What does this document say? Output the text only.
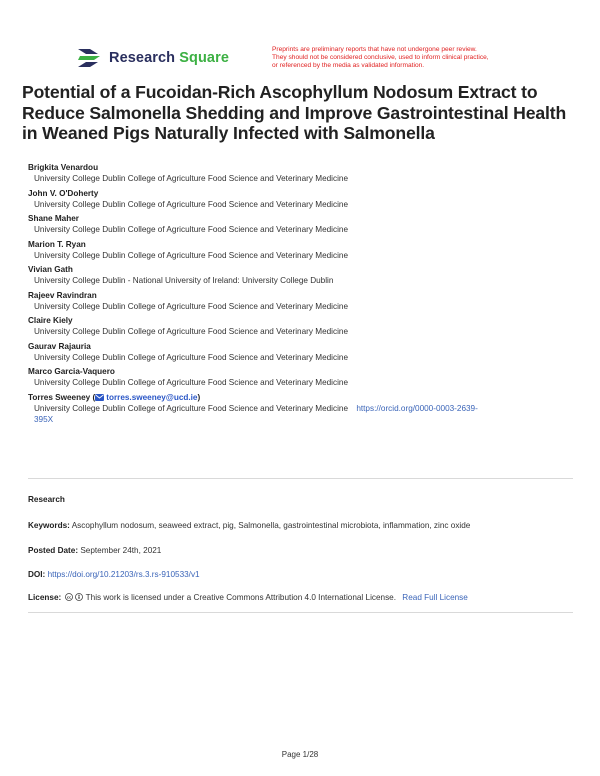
Research Square
Preprints are preliminary reports that have not undergone peer review.
They should not be considered conclusive, used to inform clinical practice,
or referenced by the media as validated information.
Potential of a Fucoidan-Rich Ascophyllum Nodosum Extract to Reduce Salmonella Shedding and Improve Gastrointestinal Health in Weaned Pigs Naturally Infected with Salmonella
Brigkita Venardou
University College Dublin College of Agriculture Food Science and Veterinary Medicine
John V. O'Doherty
University College Dublin College of Agriculture Food Science and Veterinary Medicine
Shane Maher
University College Dublin College of Agriculture Food Science and Veterinary Medicine
Marion T. Ryan
University College Dublin College of Agriculture Food Science and Veterinary Medicine
Vivian Gath
University College Dublin - National University of Ireland: University College Dublin
Rajeev Ravindran
University College Dublin College of Agriculture Food Science and Veterinary Medicine
Claire Kiely
University College Dublin College of Agriculture Food Science and Veterinary Medicine
Gaurav Rajauria
University College Dublin College of Agriculture Food Science and Veterinary Medicine
Marco Garcia-Vaquero
University College Dublin College of Agriculture Food Science and Veterinary Medicine
Torres Sweeney ( torres.sweeney@ucd.ie)
University College Dublin College of Agriculture Food Science and Veterinary Medicine https://orcid.org/0000-0003-2639-
395X
Research
Keywords: Ascophyllum nodosum, seaweed extract, pig, Salmonella, gastrointestinal microbiota, inflammation, zinc oxide
Posted Date: September 24th, 2021
DOI: https://doi.org/10.21203/rs.3.rs-910533/v1
License: cc This work is licensed under a Creative Commons Attribution 4.0 International License. Read Full License
Page 1/28
